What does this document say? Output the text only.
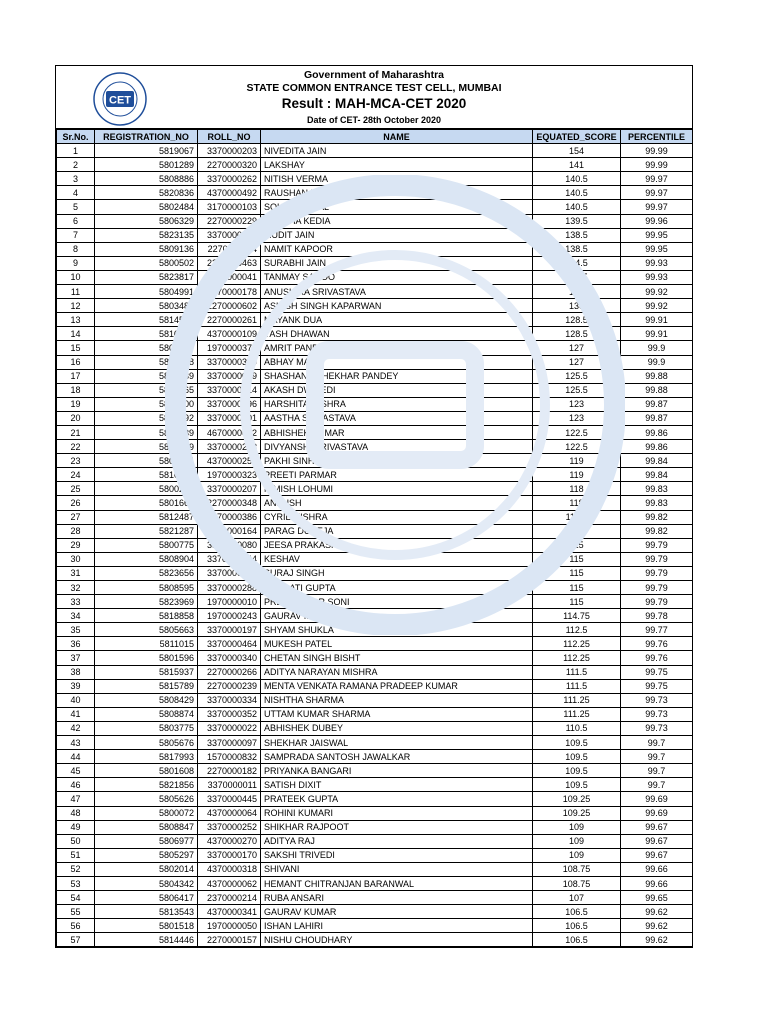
CET
Government of Maharashtra
STATE COMMON ENTRANCE TEST CELL, MUMBAI
Result : MAH-MCA-CET 2020
Date of CET- 28th October 2020
Sr.No.	REGISTRATION_NO	ROLL_NO	NAME	EQUATED_SCORE	PERCENTILE
1	5819067	3370000203	NIVEDITA JAIN	154	99.99
2	5801289	2270000320	LAKSHAY	141	99.99
3	5808886	3370000262	NITISH VERMA	140.5	99.97
4	5820836	4370000492	RAUSHAN KUMAR	140.5	99.97
5	5802484	3170000103	SOHHAM SEAL	140.5	99.97
6	5806329	2270000229	SRADHA KEDIA	139.5	99.96
7	5823135	3370000452	MUDIT JAIN	138.5	99.95
8	5809136	2270000114	NAMIT KAPOOR	138.5	99.95
9	5800502	2270000463	SURABHI JAIN	134.5	99.93
10	5823817	3170000041	TANMAY SAHOO	134.5	99.93
11	5804991	3370000178	ANUSHIKA SRIVASTAVA	130	99.92
12	5803482	2270000602	ASHISH SINGH KAPARWAN	130	99.92
13	5814531	2270000261	MAYANK DUA	128.5	99.91
14	5810351	4370000109	YASH DHAWAN	128.5	99.91
15	5805527	1970000372	AMRIT PANDEY	127	99.9
16	5802798	3370000379	ABHAY MALIK	127	99.9
17	5803739	3370000059	SHASHANK SHEKHAR PANDEY	125.5	99.88
18	5805565	3370000514	AKASH DWIVEDI	125.5	99.88
19	5808200	3370000096	HARSHITA MISHRA	123	99.87
20	5810392	3370000401	AASTHA SRIVASTAVA	123	99.87
21	5808339	4670000082	ABHISHEK KUMAR	122.5	99.86
22	5803129	3370000283	DIVYANSHI SRIVASTAVA	122.5	99.86
23	5807834	4370000252	PAKHI SINHA	119	99.84
24	5810880	1970000323	PREETI PARMAR	119	99.84
25	5800205	3370000207	NIMISH LOHUMI	118	99.83
26	5801661	2270000348	ANKUSH	118	99.83
27	5812487	4370000386	CYRIL MISHRA	116.5	99.82
28	5821287	2270000164	PARAG DUDEJA	116.5	99.82
29	5800775	3370000080	JEESA PRAKASH	115	99.79
30	5808904	3370000044	KESHAV	115	99.79
31	5823656	3370000505	SURAJ SINGH	115	99.79
32	5808595	3370000288	PRAGATI GUPTA	115	99.79
33	5823969	1970000010	PREM KUMAR SONI	115	99.79
34	5818858	1970000243	GAURAV MUKATI	114.75	99.78
35	5805663	3370000197	SHYAM SHUKLA	112.5	99.77
36	5811015	3370000464	MUKESH PATEL	112.25	99.76
37	5801596	3370000340	CHETAN SINGH BISHT	112.25	99.76
38	5815937	2270000266	ADITYA NARAYAN MISHRA	111.5	99.75
39	5815789	2270000239	MENTA VENKATA RAMANA PRADEEP KUMAR	111.5	99.75
40	5808429	3370000334	NISHTHA SHARMA	111.25	99.73
41	5808874	3370000352	UTTAM KUMAR SHARMA	111.25	99.73
42	5803775	3370000022	ABHISHEK DUBEY	110.5	99.73
43	5805676	3370000097	SHEKHAR JAISWAL	109.5	99.7
44	5817993	1570000832	SAMPRADA SANTOSH JAWALKAR	109.5	99.7
45	5801608	2270000182	PRIYANKA BANGARI	109.5	99.7
46	5821856	3370000011	SATISH DIXIT	109.5	99.7
47	5805626	3370000445	PRATEEK GUPTA	109.25	99.69
48	5800072	4370000064	ROHINI KUMARI	109.25	99.69
49	5808847	3370000252	SHIKHAR RAJPOOT	109	99.67
50	5806977	4370000270	ADITYA RAJ	109	99.67
51	5805297	3370000170	SAKSHI TRIVEDI	109	99.67
52	5802014	4370000318	SHIVANI	108.75	99.66
53	5804342	4370000062	HEMANT CHITRANJAN BARANWAL	108.75	99.66
54	5806417	2370000214	RUBA ANSARI	107	99.65
55	5813543	4370000341	GAURAV KUMAR	106.5	99.62
56	5801518	1970000050	ISHAN LAHIRI	106.5	99.62
57	5814446	2270000157	NISHU CHOUDHARY	106.5	99.62
